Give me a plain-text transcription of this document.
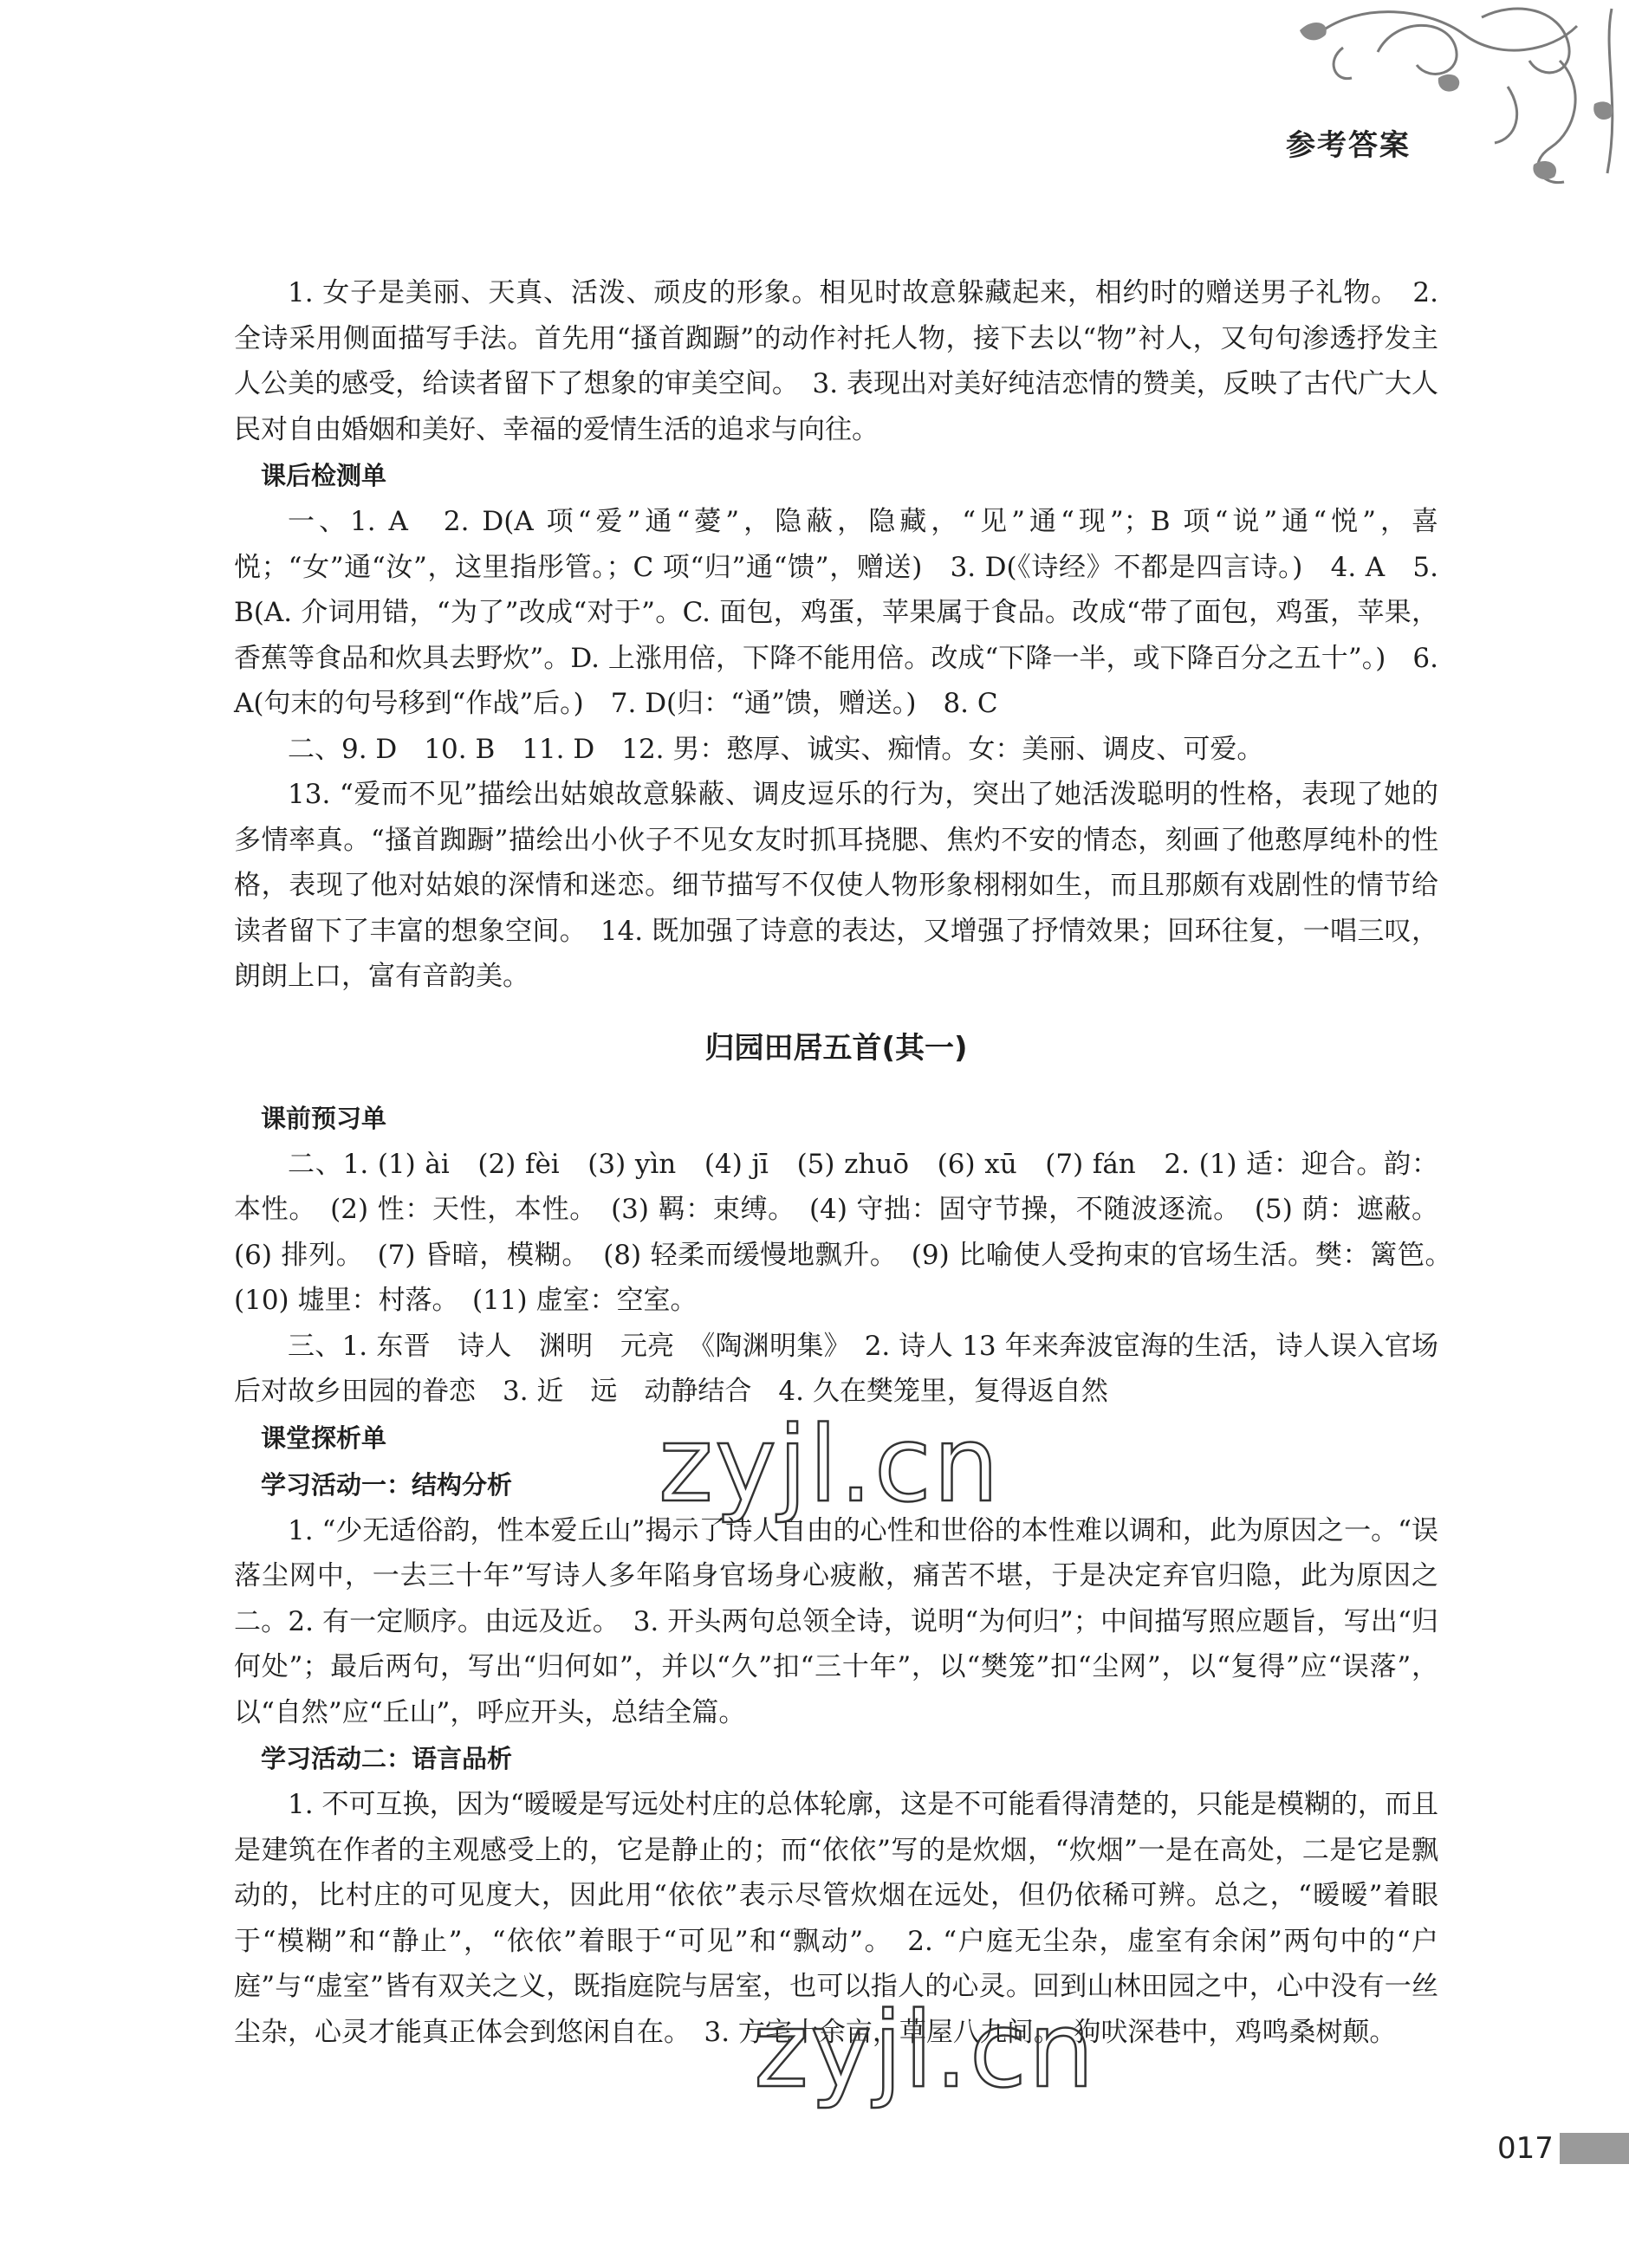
参考答案

1. 女子是美丽、天真、活泼、顽皮的形象。相见时故意躲藏起来，相约时的赠送男子礼物。　2. 全诗采用侧面描写手法。首先用“搔首踟蹰”的动作衬托人物，接下去以“物”衬人，又句句渗透抒发主人公美的感受，给读者留下了想象的审美空间。　3. 表现出对美好纯洁恋情的赞美，反映了古代广大人民对自由婚姻和美好、幸福的爱情生活的追求与向往。

课后检测单

一、1. A　2. D(A 项“爱”通“薆”，隐蔽，隐藏，“见”通“现”；B 项“说”通“悦”，喜悦；“女”通“汝”，这里指彤管。；C 项“归”通“馈”，赠送)　3. D(《诗经》不都是四言诗。)　4. A　5. B(A. 介词用错，“为了”改成“对于”。C. 面包，鸡蛋，苹果属于食品。改成“带了面包，鸡蛋，苹果，香蕉等食品和炊具去野炊”。D. 上涨用倍，下降不能用倍。改成“下降一半，或下降百分之五十”。)　6. A(句末的句号移到“作战”后。)　7. D(归：“通”馈，赠送。)　8. C

二、9. D　10. B　11. D　12. 男：憨厚、诚实、痴情。女：美丽、调皮、可爱。

13. “爱而不见”描绘出姑娘故意躲蔽、调皮逗乐的行为，突出了她活泼聪明的性格，表现了她的多情率真。“搔首踟蹰”描绘出小伙子不见女友时抓耳挠腮、焦灼不安的情态，刻画了他憨厚纯朴的性格，表现了他对姑娘的深情和迷恋。细节描写不仅使人物形象栩栩如生，而且那颇有戏剧性的情节给读者留下了丰富的想象空间。　14. 既加强了诗意的表达，又增强了抒情效果；回环往复，一唱三叹，朗朗上口，富有音韵美。

归园田居五首(其一)
课前预习单

二、1. (1) ài　(2) fèi　(3) yìn　(4) jī　(5) zhuō　(6) xū　(7) fán　2. (1) 适：迎合。韵：本性。　(2) 性：天性，本性。　(3) 羁：束缚。　(4) 守拙：固守节操，不随波逐流。　(5) 荫：遮蔽。(6) 排列。　(7) 昏暗，模糊。　(8) 轻柔而缓慢地飘升。　(9) 比喻使人受拘束的官场生活。樊：篱笆。　(10) 墟里：村落。　(11) 虚室：空室。

三、1. 东晋　诗人　渊明　元亮　《陶渊明集》　2. 诗人 13 年来奔波宦海的生活，诗人误入官场后对故乡田园的眷恋　3. 近　远　动静结合　4. 久在樊笼里，复得返自然

课堂探析单
学习活动一：结构分析

1. “少无适俗韵，性本爱丘山”揭示了诗人自由的心性和世俗的本性难以调和，此为原因之一。“误落尘网中，一去三十年”写诗人多年陷身官场身心疲敝，痛苦不堪，于是决定弃官归隐，此为原因之二。2. 有一定顺序。由远及近。　3. 开头两句总领全诗，说明“为何归”；中间描写照应题旨，写出“归何处”；最后两句，写出“归何如”，并以“久”扣“三十年”，以“樊笼”扣“尘网”，以“复得”应“误落”，以“自然”应“丘山”，呼应开头，总结全篇。

学习活动二：语言品析

1. 不可互换，因为“暧暧是写远处村庄的总体轮廓，这是不可能看得清楚的，只能是模糊的，而且是建筑在作者的主观感受上的，它是静止的；而“依依”写的是炊烟，“炊烟”一是在高处，二是它是飘动的，比村庄的可见度大，因此用“依依”表示尽管炊烟在远处，但仍依稀可辨。总之，“暧暧”着眼于“模糊”和“静止”，“依依”着眼于“可见”和“飘动”。　2. “户庭无尘杂，虚室有余闲”两句中的“户庭”与“虚室”皆有双关之义，既指庭院与居室，也可以指人的心灵。回到山林田园之中，心中没有一丝尘杂，心灵才能真正体会到悠闲自在。　3. 方宅十余亩，草屋八九间。　狗吠深巷中，鸡鸣桑树颠。

zyjl.cn
zyjl.cn
017
